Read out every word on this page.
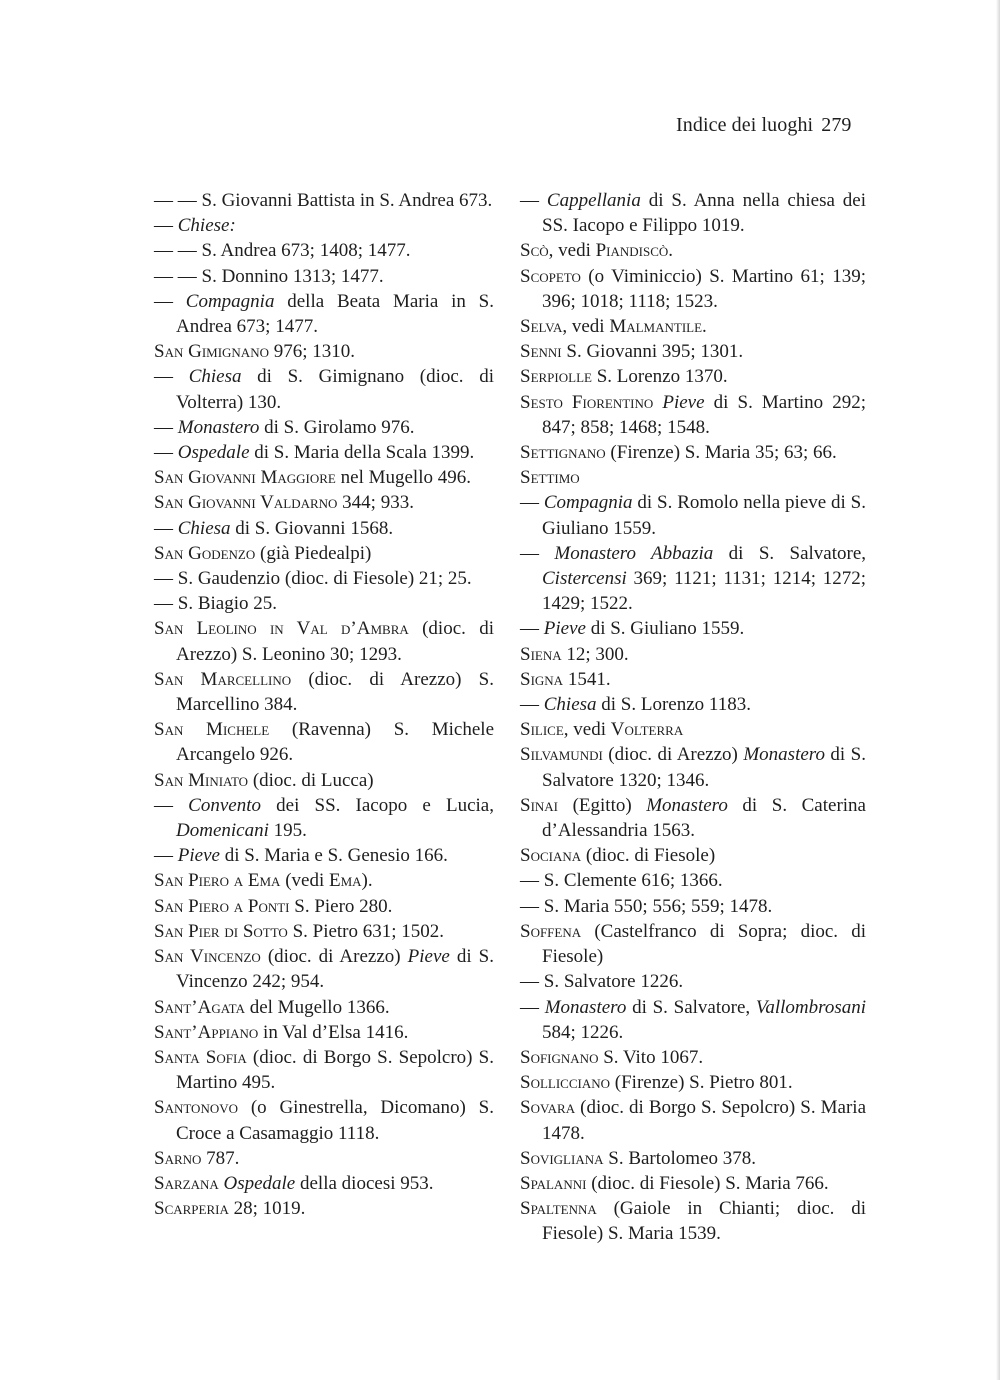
Indice dei luoghi 279
— — S. Giovanni Battista in S. Andrea 673.
— Chiese:
— — S. Andrea 673; 1408; 1477.
— — S. Donnino 1313; 1477.
— Compagnia della Beata Maria in S. Andrea 673; 1477.
San Gimignano 976; 1310.
— Chiesa di S. Gimignano (dioc. di Volterra) 130.
— Monastero di S. Girolamo 976.
— Ospedale di S. Maria della Scala 1399.
San Giovanni Maggiore nel Mugello 496.
San Giovanni Valdarno 344; 933.
— Chiesa di S. Giovanni 1568.
San Godenzo (già Piedealpi)
— S. Gaudenzio (dioc. di Fiesole) 21; 25.
— S. Biagio 25.
San Leolino in Val d’Ambra (dioc. di Arezzo) S. Leonino 30; 1293.
San Marcellino (dioc. di Arezzo) S. Marcellino 384.
San Michele (Ravenna) S. Michele Arcangelo 926.
San Miniato (dioc. di Lucca)
— Convento dei SS. Iacopo e Lucia, Domenicani 195.
— Pieve di S. Maria e S. Genesio 166.
San Piero a Ema (vedi Ema).
San Piero a Ponti S. Piero 280.
San Pier di Sotto S. Pietro 631; 1502.
San Vincenzo (dioc. di Arezzo) Pieve di S. Vincenzo 242; 954.
Sant’Agata del Mugello 1366.
Sant’Appiano in Val d’Elsa 1416.
Santa Sofia (dioc. di Borgo S. Sepolcro) S. Martino 495.
Santonovo (o Ginestrella, Dicomano) S. Croce a Casamaggio 1118.
Sarno 787.
Sarzana Ospedale della diocesi 953.
Scarperia 28; 1019.
— Cappellania di S. Anna nella chiesa dei SS. Iacopo e Filippo 1019.
Scò, vedi Piandiscò.
Scopeto (o Viminiccio) S. Martino 61; 139; 396; 1018; 1118; 1523.
Selva, vedi Malmantile.
Senni S. Giovanni 395; 1301.
Serpiolle S. Lorenzo 1370.
Sesto Fiorentino Pieve di S. Martino 292; 847; 858; 1468; 1548.
Settignano (Firenze) S. Maria 35; 63; 66.
Settimo
— Compagnia di S. Romolo nella pieve di S. Giuliano 1559.
— Monastero Abbazia di S. Salvatore, Cistercensi 369; 1121; 1131; 1214; 1272; 1429; 1522.
— Pieve di S. Giuliano 1559.
Siena 12; 300.
Signa 1541.
— Chiesa di S. Lorenzo 1183.
Silice, vedi Volterra
Silvamundi (dioc. di Arezzo) Monastero di S. Salvatore 1320; 1346.
Sinai (Egitto) Monastero di S. Caterina d’Alessandria 1563.
Sociana (dioc. di Fiesole)
— S. Clemente 616; 1366.
— S. Maria 550; 556; 559; 1478.
Soffena (Castelfranco di Sopra; dioc. di Fiesole)
— S. Salvatore 1226.
— Monastero di S. Salvatore, Vallombrosani 584; 1226.
Sofignano S. Vito 1067.
Sollicciano (Firenze) S. Pietro 801.
Sovara (dioc. di Borgo S. Sepolcro) S. Maria 1478.
Sovigliana S. Bartolomeo 378.
Spalanni (dioc. di Fiesole) S. Maria 766.
Spaltenna (Gaiole in Chianti; dioc. di Fiesole) S. Maria 1539.
